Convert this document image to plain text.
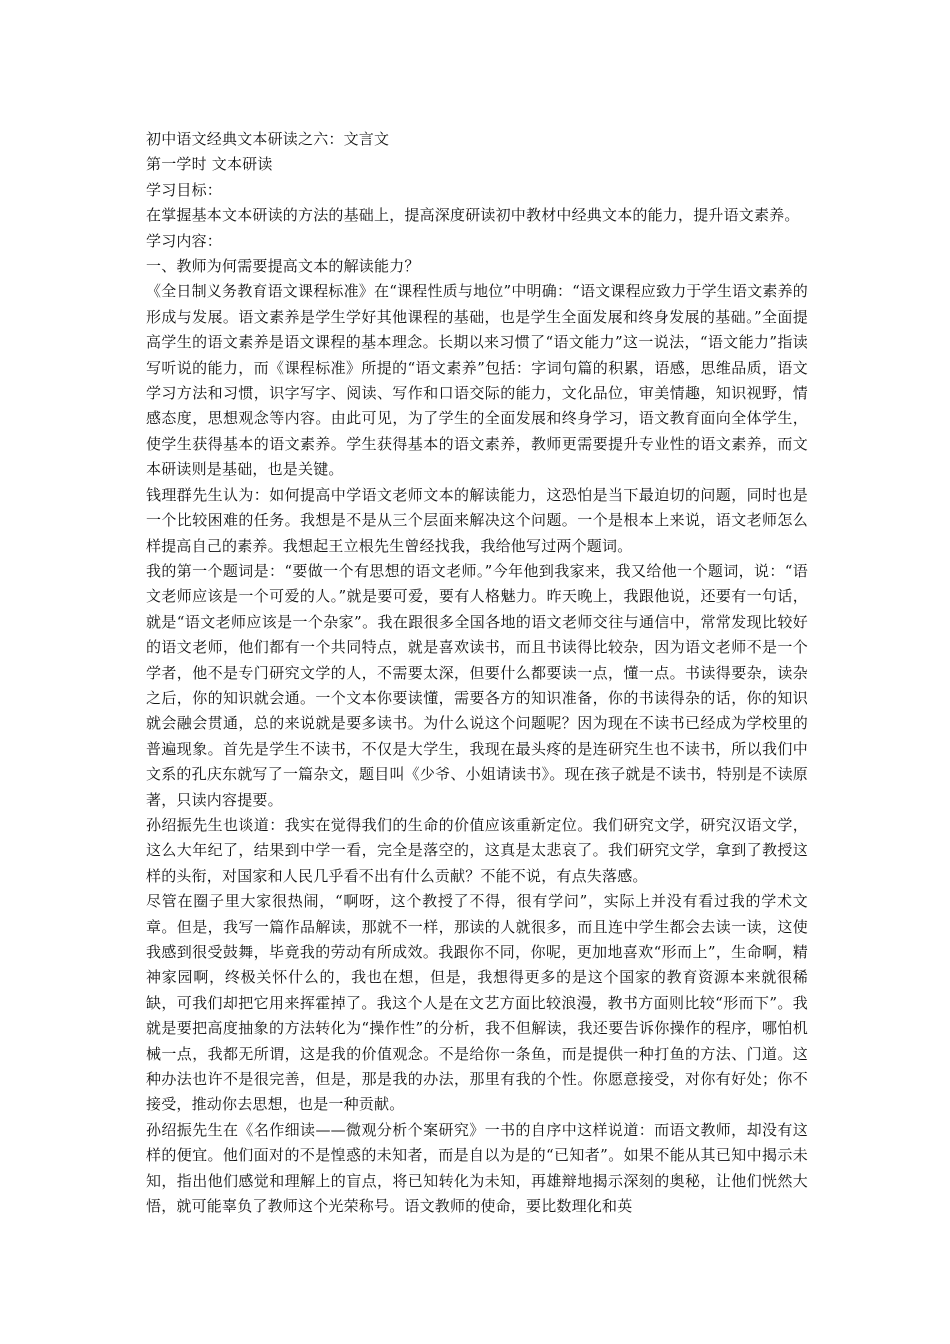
初中语文经典文本研读之六：文言文

第一学时 文本研读

学习目标：

在掌握基本文本研读的方法的基础上，提高深度研读初中教材中经典文本的能力，提升语文素养。

学习内容：

一、教师为何需要提高文本的解读能力？

《全日制义务教育语文课程标准》在“课程性质与地位”中明确：“语文课程应致力于学生语文素养的形成与发展。语文素养是学生学好其他课程的基础，也是学生全面发展和终身发展的基础。”全面提高学生的语文素养是语文课程的基本理念。长期以来习惯了“语文能力”这一说法，“语文能力”指读写听说的能力，而《课程标准》所提的“语文素养”包括：字词句篇的积累，语感，思维品质，语文学习方法和习惯，识字写字、阅读、写作和口语交际的能力，文化品位，审美情趣，知识视野，情感态度，思想观念等内容。由此可见，为了学生的全面发展和终身学习，语文教育面向全体学生，使学生获得基本的语文素养。学生获得基本的语文素养，教师更需要提升专业性的语文素养，而文本研读则是基础，也是关键。

钱理群先生认为：如何提高中学语文老师文本的解读能力，这恐怕是当下最迫切的问题，同时也是一个比较困难的任务。我想是不是从三个层面来解决这个问题。一个是根本上来说，语文老师怎么样提高自己的素养。我想起王立根先生曾经找我，我给他写过两个题词。

我的第一个题词是：“要做一个有思想的语文老师。”今年他到我家来，我又给他一个题词，说：“语文老师应该是一个可爱的人。”就是要可爱，要有人格魅力。昨天晚上，我跟他说，还要有一句话，就是“语文老师应该是一个杂家”。我在跟很多全国各地的语文老师交往与通信中，常常发现比较好的语文老师，他们都有一个共同特点，就是喜欢读书，而且书读得比较杂，因为语文老师不是一个学者，他不是专门研究文学的人，不需要太深，但要什么都要读一点，懂一点。书读得要杂，读杂之后，你的知识就会通。一个文本你要读懂，需要各方的知识准备，你的书读得杂的话，你的知识就会融会贯通，总的来说就是要多读书。为什么说这个问题呢？因为现在不读书已经成为学校里的普遍现象。首先是学生不读书，不仅是大学生，我现在最头疼的是连研究生也不读书，所以我们中文系的孔庆东就写了一篇杂文，题目叫《少爷、小姐请读书》。现在孩子就是不读书，特别是不读原著，只读内容提要。

孙绍振先生也谈道：我实在觉得我们的生命的价值应该重新定位。我们研究文学，研究汉语文学，这么大年纪了，结果到中学一看，完全是落空的，这真是太悲哀了。我们研究文学，拿到了教授这样的头衔，对国家和人民几乎看不出有什么贡献？不能不说，有点失落感。

尽管在圈子里大家很热闹，“啊呀，这个教授了不得，很有学问”，实际上并没有看过我的学术文章。但是，我写一篇作品解读，那就不一样，那读的人就很多，而且连中学生都会去读一读，这使我感到很受鼓舞，毕竟我的劳动有所成效。我跟你不同，你呢，更加地喜欢“形而上”，生命啊，精神家园啊，终极关怀什么的，我也在想，但是，我想得更多的是这个国家的教育资源本来就很稀缺，可我们却把它用来挥霍掉了。我这个人是在文艺方面比较浪漫，教书方面则比较“形而下”。我就是要把高度抽象的方法转化为“操作性”的分析，我不但解读，我还要告诉你操作的程序，哪怕机械一点，我都无所谓，这是我的价值观念。不是给你一条鱼，而是提供一种打鱼的方法、门道。这种办法也许不是很完善，但是，那是我的办法，那里有我的个性。你愿意接受，对你有好处；你不接受，推动你去思想，也是一种贡献。

孙绍振先生在《名作细读——微观分析个案研究》一书的自序中这样说道：而语文教师，却没有这样的便宜。他们面对的不是惶惑的未知者，而是自以为是的“已知者”。如果不能从其已知中揭示未知，指出他们感觉和理解上的盲点，将已知转化为未知，再雄辩地揭示深刻的奥秘，让他们恍然大悟，就可能辜负了教师这个光荣称号。语文教师的使命，要比数理化和英
